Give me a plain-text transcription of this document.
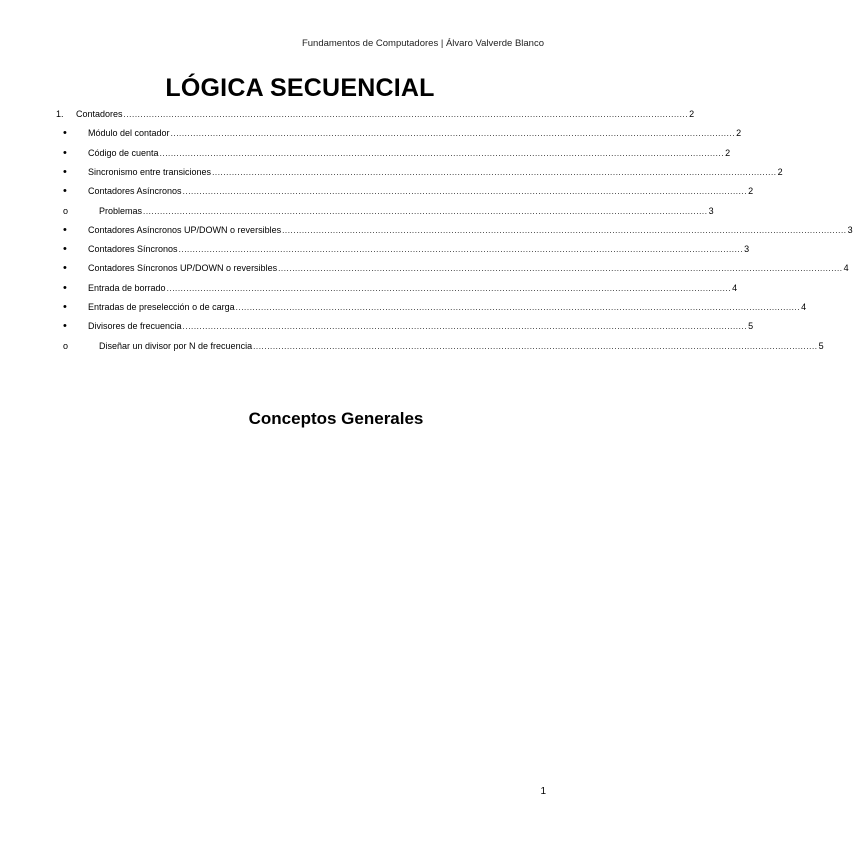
Fundamentos de Computadores | Álvaro Valverde Blanco
LÓGICA SECUENCIAL
1. Contadores ........................................................................................................................................................................................................ 2
• Módulo del contador ........................................................................................................................................................................................................ 2
• Código de cuenta ........................................................................................................................................................................................................ 2
• Sincronismo entre transiciones ........................................................................................................................................................................................................ 2
• Contadores Asíncronos ........................................................................................................................................................................................................ 2
o	Problemas ........................................................................................................................................................................................................ 3
• Contadores Asíncronos UP/DOWN o reversibles ........................................................................................................................................................................................................ 3
• Contadores Síncronos ........................................................................................................................................................................................................ 3
• Contadores Síncronos UP/DOWN o reversibles ........................................................................................................................................................................................................ 4
• Entrada de borrado ........................................................................................................................................................................................................ 4
• Entradas de preselección o de carga ........................................................................................................................................................................................................ 4
• Divisores de frecuencia ........................................................................................................................................................................................................ 5
o	Diseñar un divisor por N de frecuencia ........................................................................................................................................................................................................ 5
Conceptos Generales
1
